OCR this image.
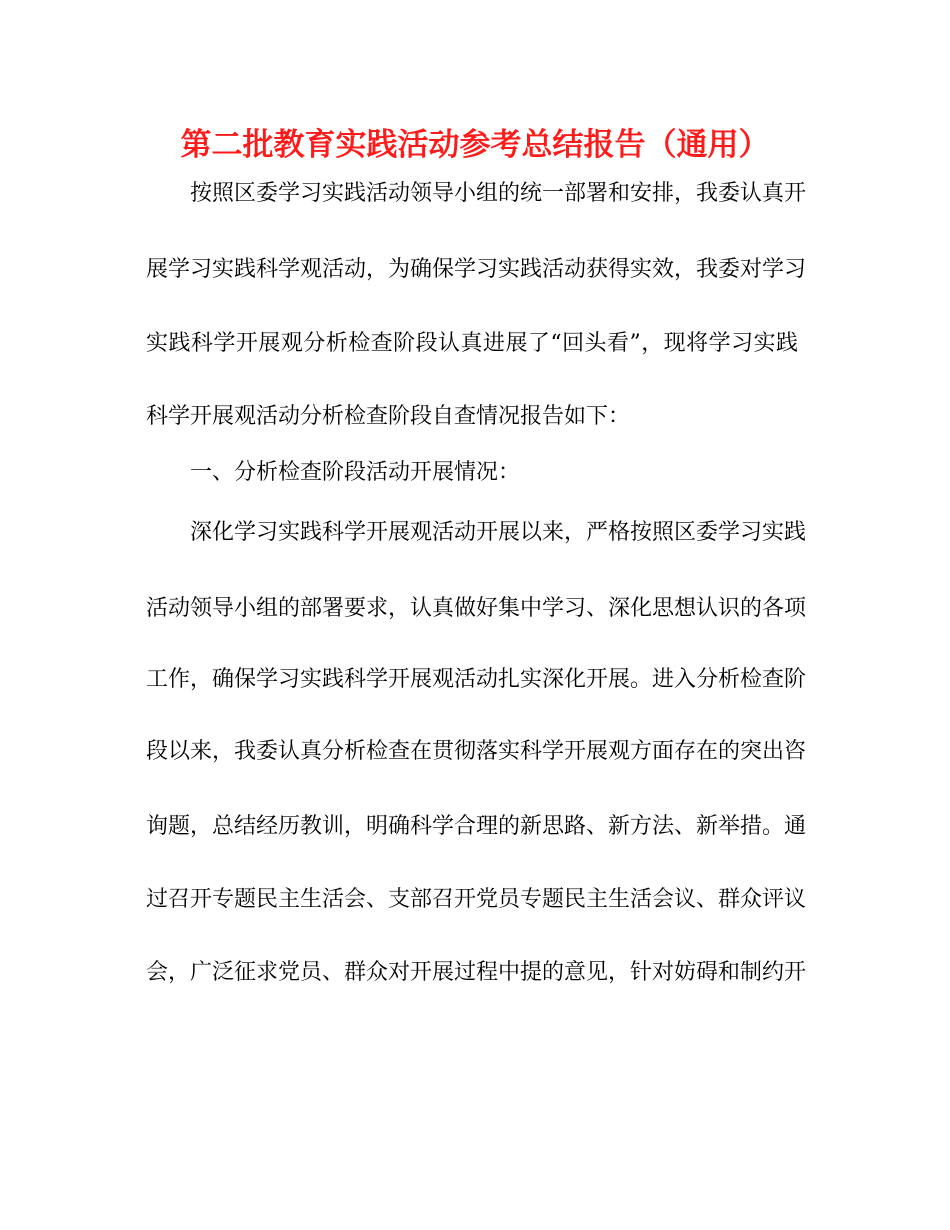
第二批教育实践活动参考总结报告（通用）

按照区委学习实践活动领导小组的统一部署和安排，我委认真开

展学习实践科学观活动，为确保学习实践活动获得实效，我委对学习

实践科学开展观分析检查阶段认真进展了“回头看”，现将学习实践

科学开展观活动分析检查阶段自查情况报告如下：

一、分析检查阶段活动开展情况：

深化学习实践科学开展观活动开展以来，严格按照区委学习实践

活动领导小组的部署要求，认真做好集中学习、深化思想认识的各项

工作，确保学习实践科学开展观活动扎实深化开展。进入分析检查阶

段以来，我委认真分析检查在贯彻落实科学开展观方面存在的突出咨

询题，总结经历教训，明确科学合理的新思路、新方法、新举措。通

过召开专题民主生活会、支部召开党员专题民主生活会议、群众评议

会，广泛征求党员、群众对开展过程中提的意见，针对妨碍和制约开
